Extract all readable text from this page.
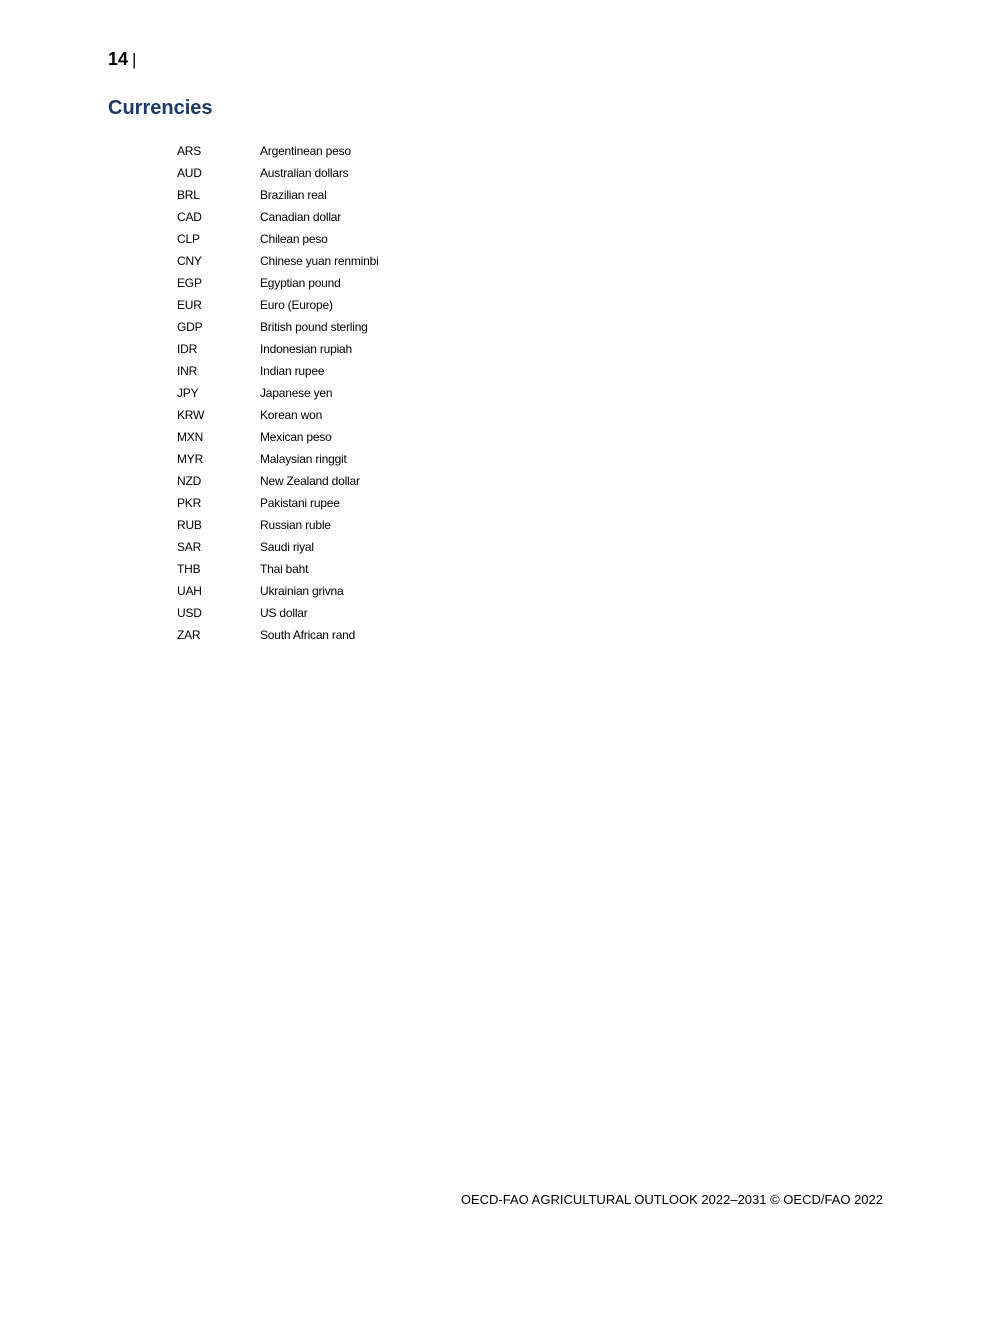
14 |
Currencies
ARS	Argentinean peso
AUD	Australian dollars
BRL	Brazilian real
CAD	Canadian dollar
CLP	Chilean peso
CNY	Chinese yuan renminbi
EGP	Egyptian pound
EUR	Euro (Europe)
GDP	British pound sterling
IDR	Indonesian rupiah
INR	Indian rupee
JPY	Japanese yen
KRW	Korean won
MXN	Mexican peso
MYR	Malaysian ringgit
NZD	New Zealand dollar
PKR	Pakistani rupee
RUB	Russian ruble
SAR	Saudi riyal
THB	Thai baht
UAH	Ukrainian grivna
USD	US dollar
ZAR	South African rand
OECD-FAO AGRICULTURAL OUTLOOK 2022–2031 © OECD/FAO 2022
